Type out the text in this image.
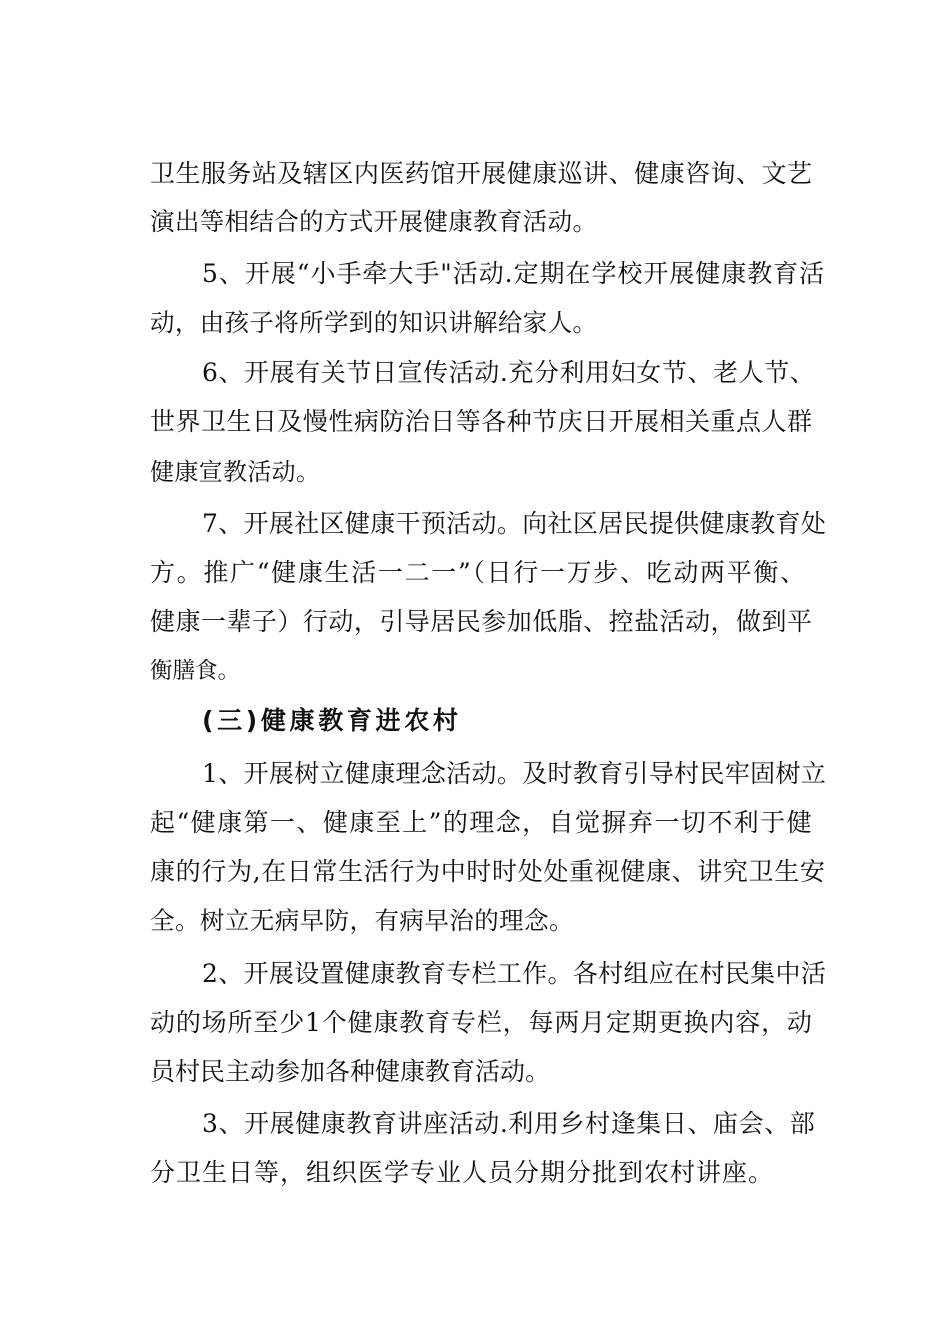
卫生服务站及辖区内医药馆开展健康巡讲、健康咨询、文艺
演出等相结合的方式开展健康教育活动。
5、开展“小手牵大手"活动.定期在学校开展健康教育活
动，由孩子将所学到的知识讲解给家人。
6、开展有关节日宣传活动.充分利用妇女节、老人节、
世界卫生日及慢性病防治日等各种节庆日开展相关重点人群
健康宣教活动。
7、开展社区健康干预活动。向社区居民提供健康教育处
方。推广“健康生活一二一”（日行一万步、吃动两平衡、
健康一辈子）行动，引导居民参加低脂、控盐活动，做到平
衡膳食。
(三)健康教育进农村
1、开展树立健康理念活动。及时教育引导村民牢固树立
起“健康第一、健康至上”的理念，自觉摒弃一切不利于健
康的行为,在日常生活行为中时时处处重视健康、讲究卫生安
全。树立无病早防，有病早治的理念。
2、开展设置健康教育专栏工作。各村组应在村民集中活
动的场所至少1个健康教育专栏，每两月定期更换内容，动
员村民主动参加各种健康教育活动。
3、开展健康教育讲座活动.利用乡村逢集日、庙会、部
分卫生日等，组织医学专业人员分期分批到农村讲座。
